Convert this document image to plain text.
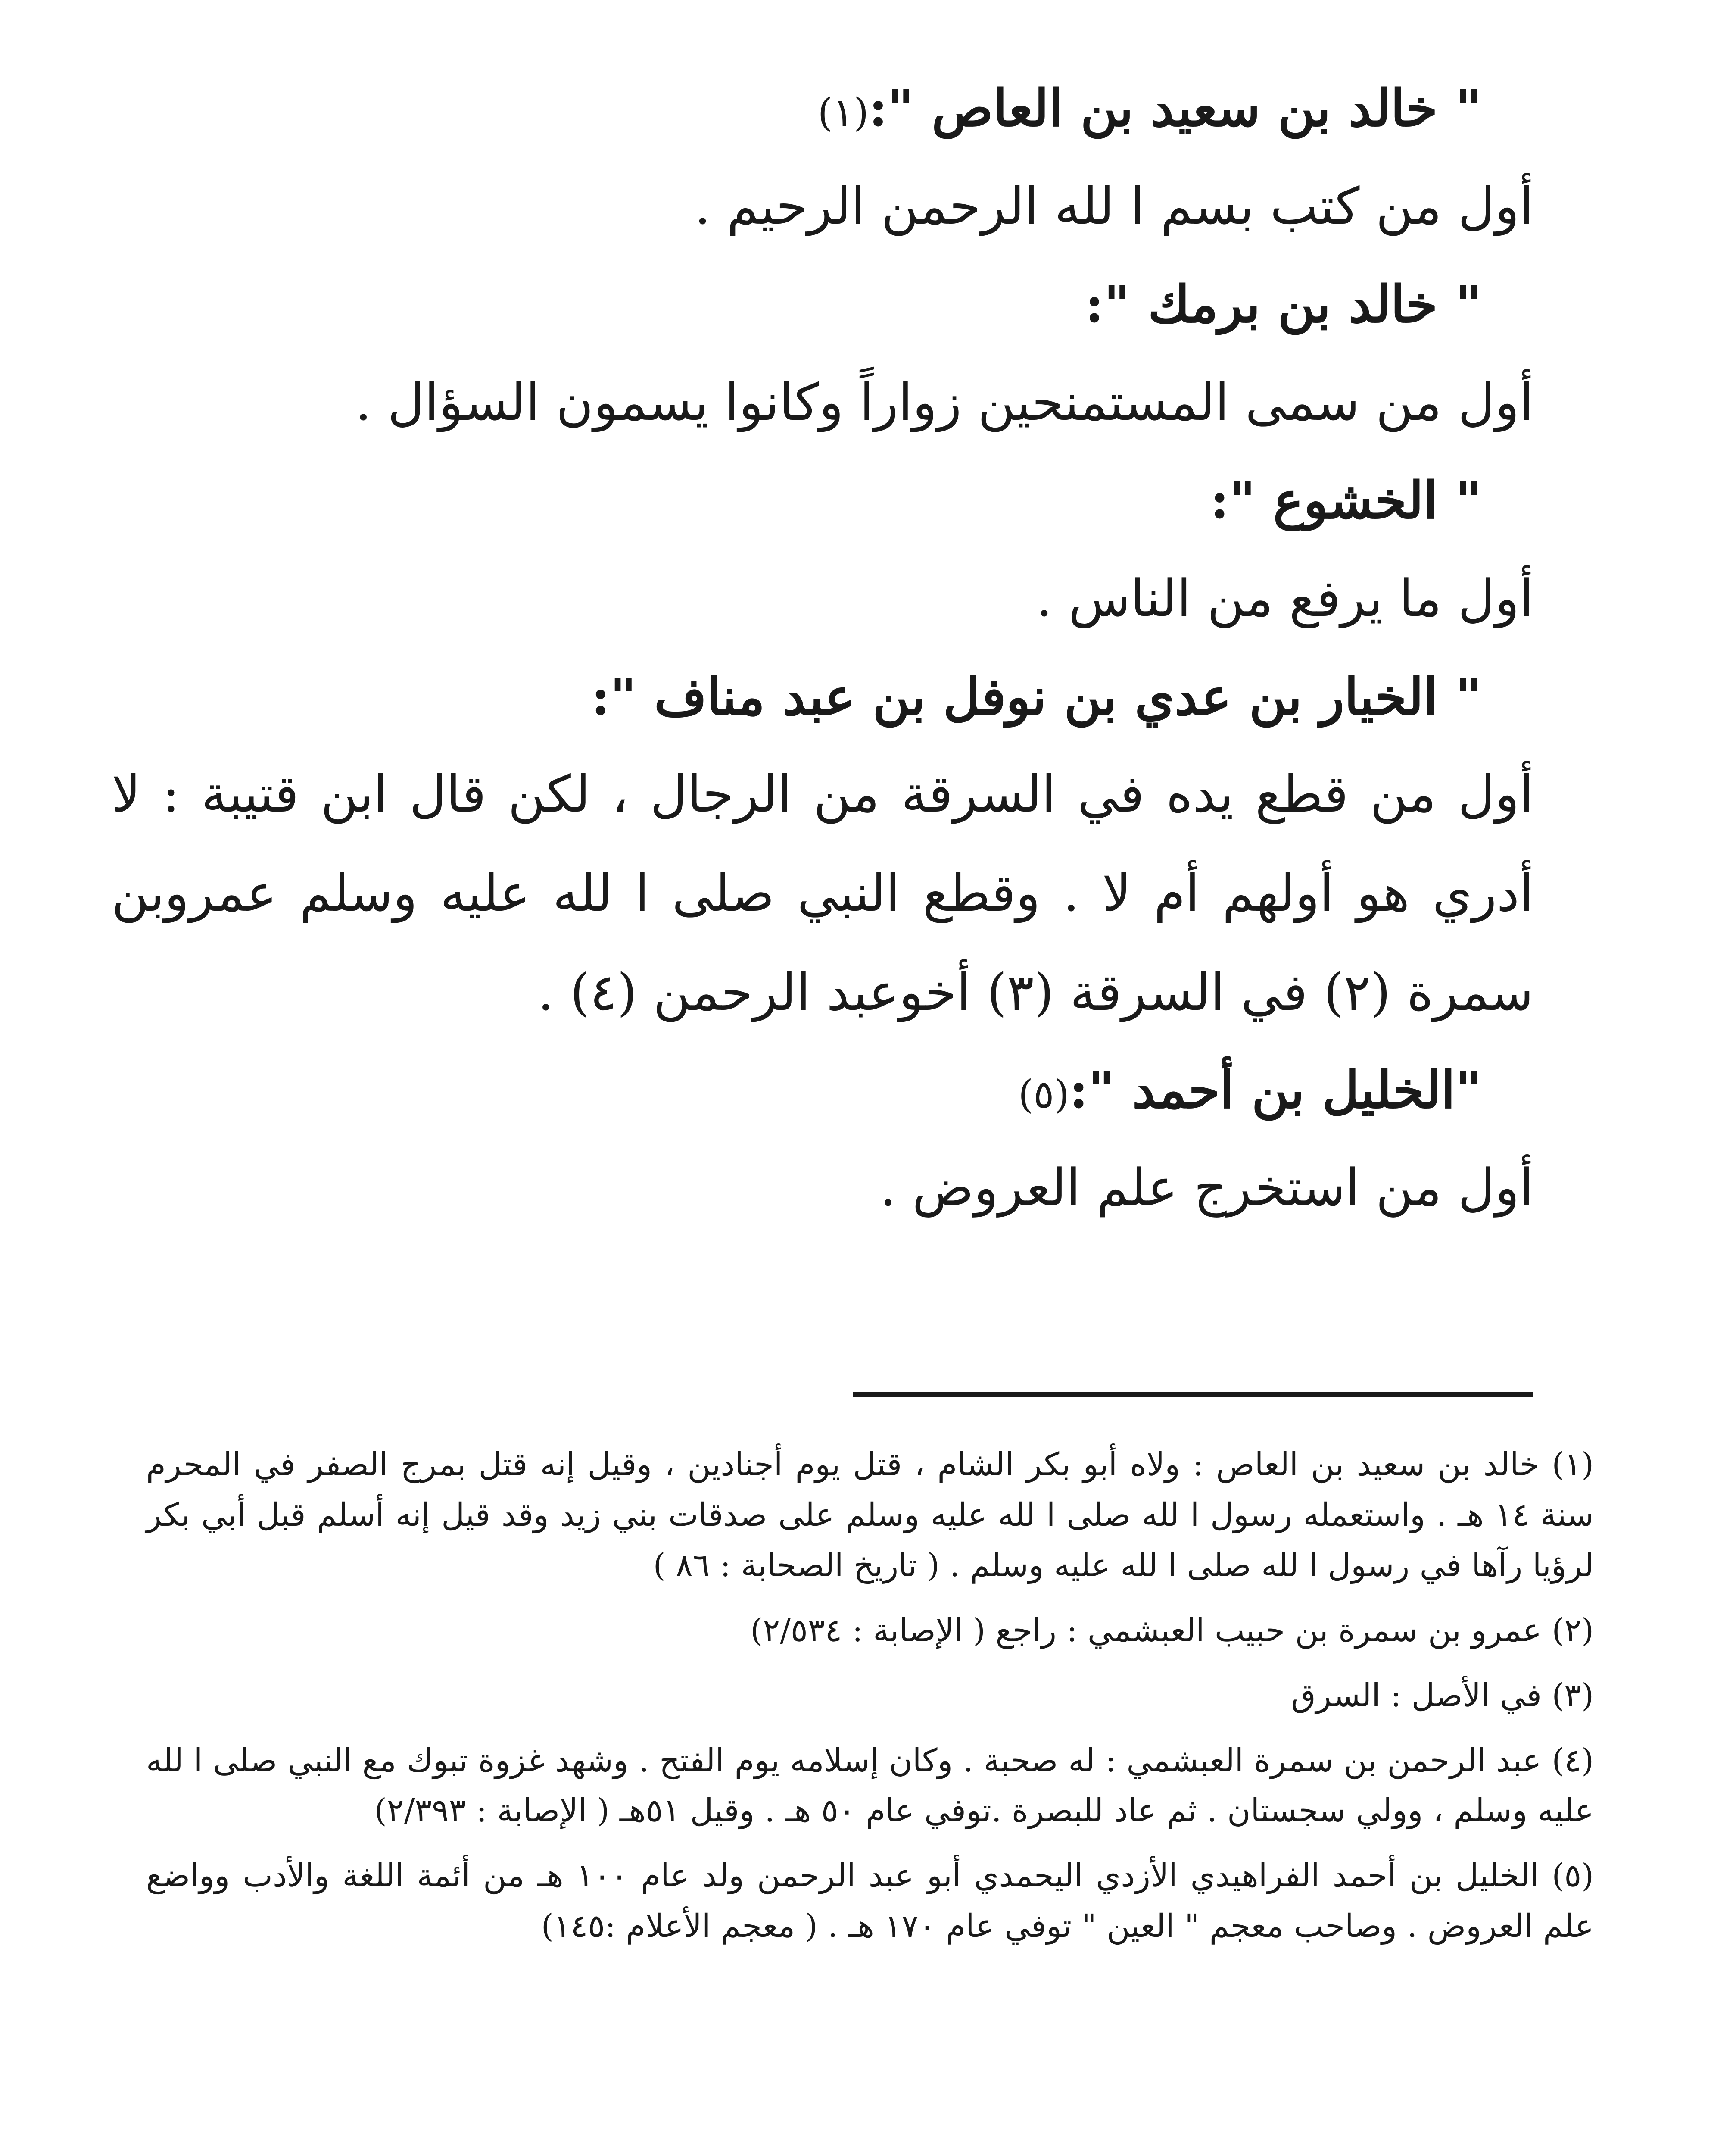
" خالد بن سعيد بن العاص ":(١)

أول من كتب بسم ا لله الرحمن الرحيم .

" خالد بن برمك ":

أول من سمى المستمنحين زواراً وكانوا يسمون السؤال .

" الخشوع ":

أول ما يرفع من الناس .

" الخيار بن عدي بن نوفل بن عبد مناف ":

أول من قطع يده في السرقة من الرجال ، لكن قال ابن قتيبة : لا أدري هو أولهم أم لا . وقطع النبي صلى ا لله عليه وسلم عمروبن سمرة (٢) في السرقة (٣) أخوعبد الرحمن (٤) .

"الخليل بن أحمد ":(٥)

أول من استخرج علم العروض .

(١) خالد بن سعيد بن العاص : ولاه أبو بكر الشام ، قتل يوم أجنادين ، وقيل إنه قتل بمرج الصفر في المحرم سنة ١٤ هـ . واستعمله رسول ا لله صلى ا لله عليه وسلم على صدقات بني زيد وقد قيل إنه أسلم قبل أبي بكر لرؤيا رآها في رسول ا لله صلى ا لله عليه وسلم . ( تاريخ الصحابة : ٨٦ )

(٢) عمرو بن سمرة بن حبيب العبشمي : راجع ( الإصابة : ٢/٥٣٤)

(٣) في الأصل : السرق

(٤) عبد الرحمن بن سمرة العبشمي : له صحبة . وكان إسلامه يوم الفتح . وشهد غزوة تبوك مع النبي صلى ا لله عليه وسلم ، وولي سجستان . ثم عاد للبصرة .توفي عام ٥٠ هـ . وقيل ٥١هـ ( الإصابة : ٢/٣٩٣)

(٥) الخليل بن أحمد الفراهيدي الأزدي اليحمدي أبو عبد الرحمن ولد عام ١٠٠ هـ من أئمة اللغة والأدب وواضع علم العروض . وصاحب معجم " العين " توفي عام ١٧٠ هـ . ( معجم الأعلام :١٤٥)
